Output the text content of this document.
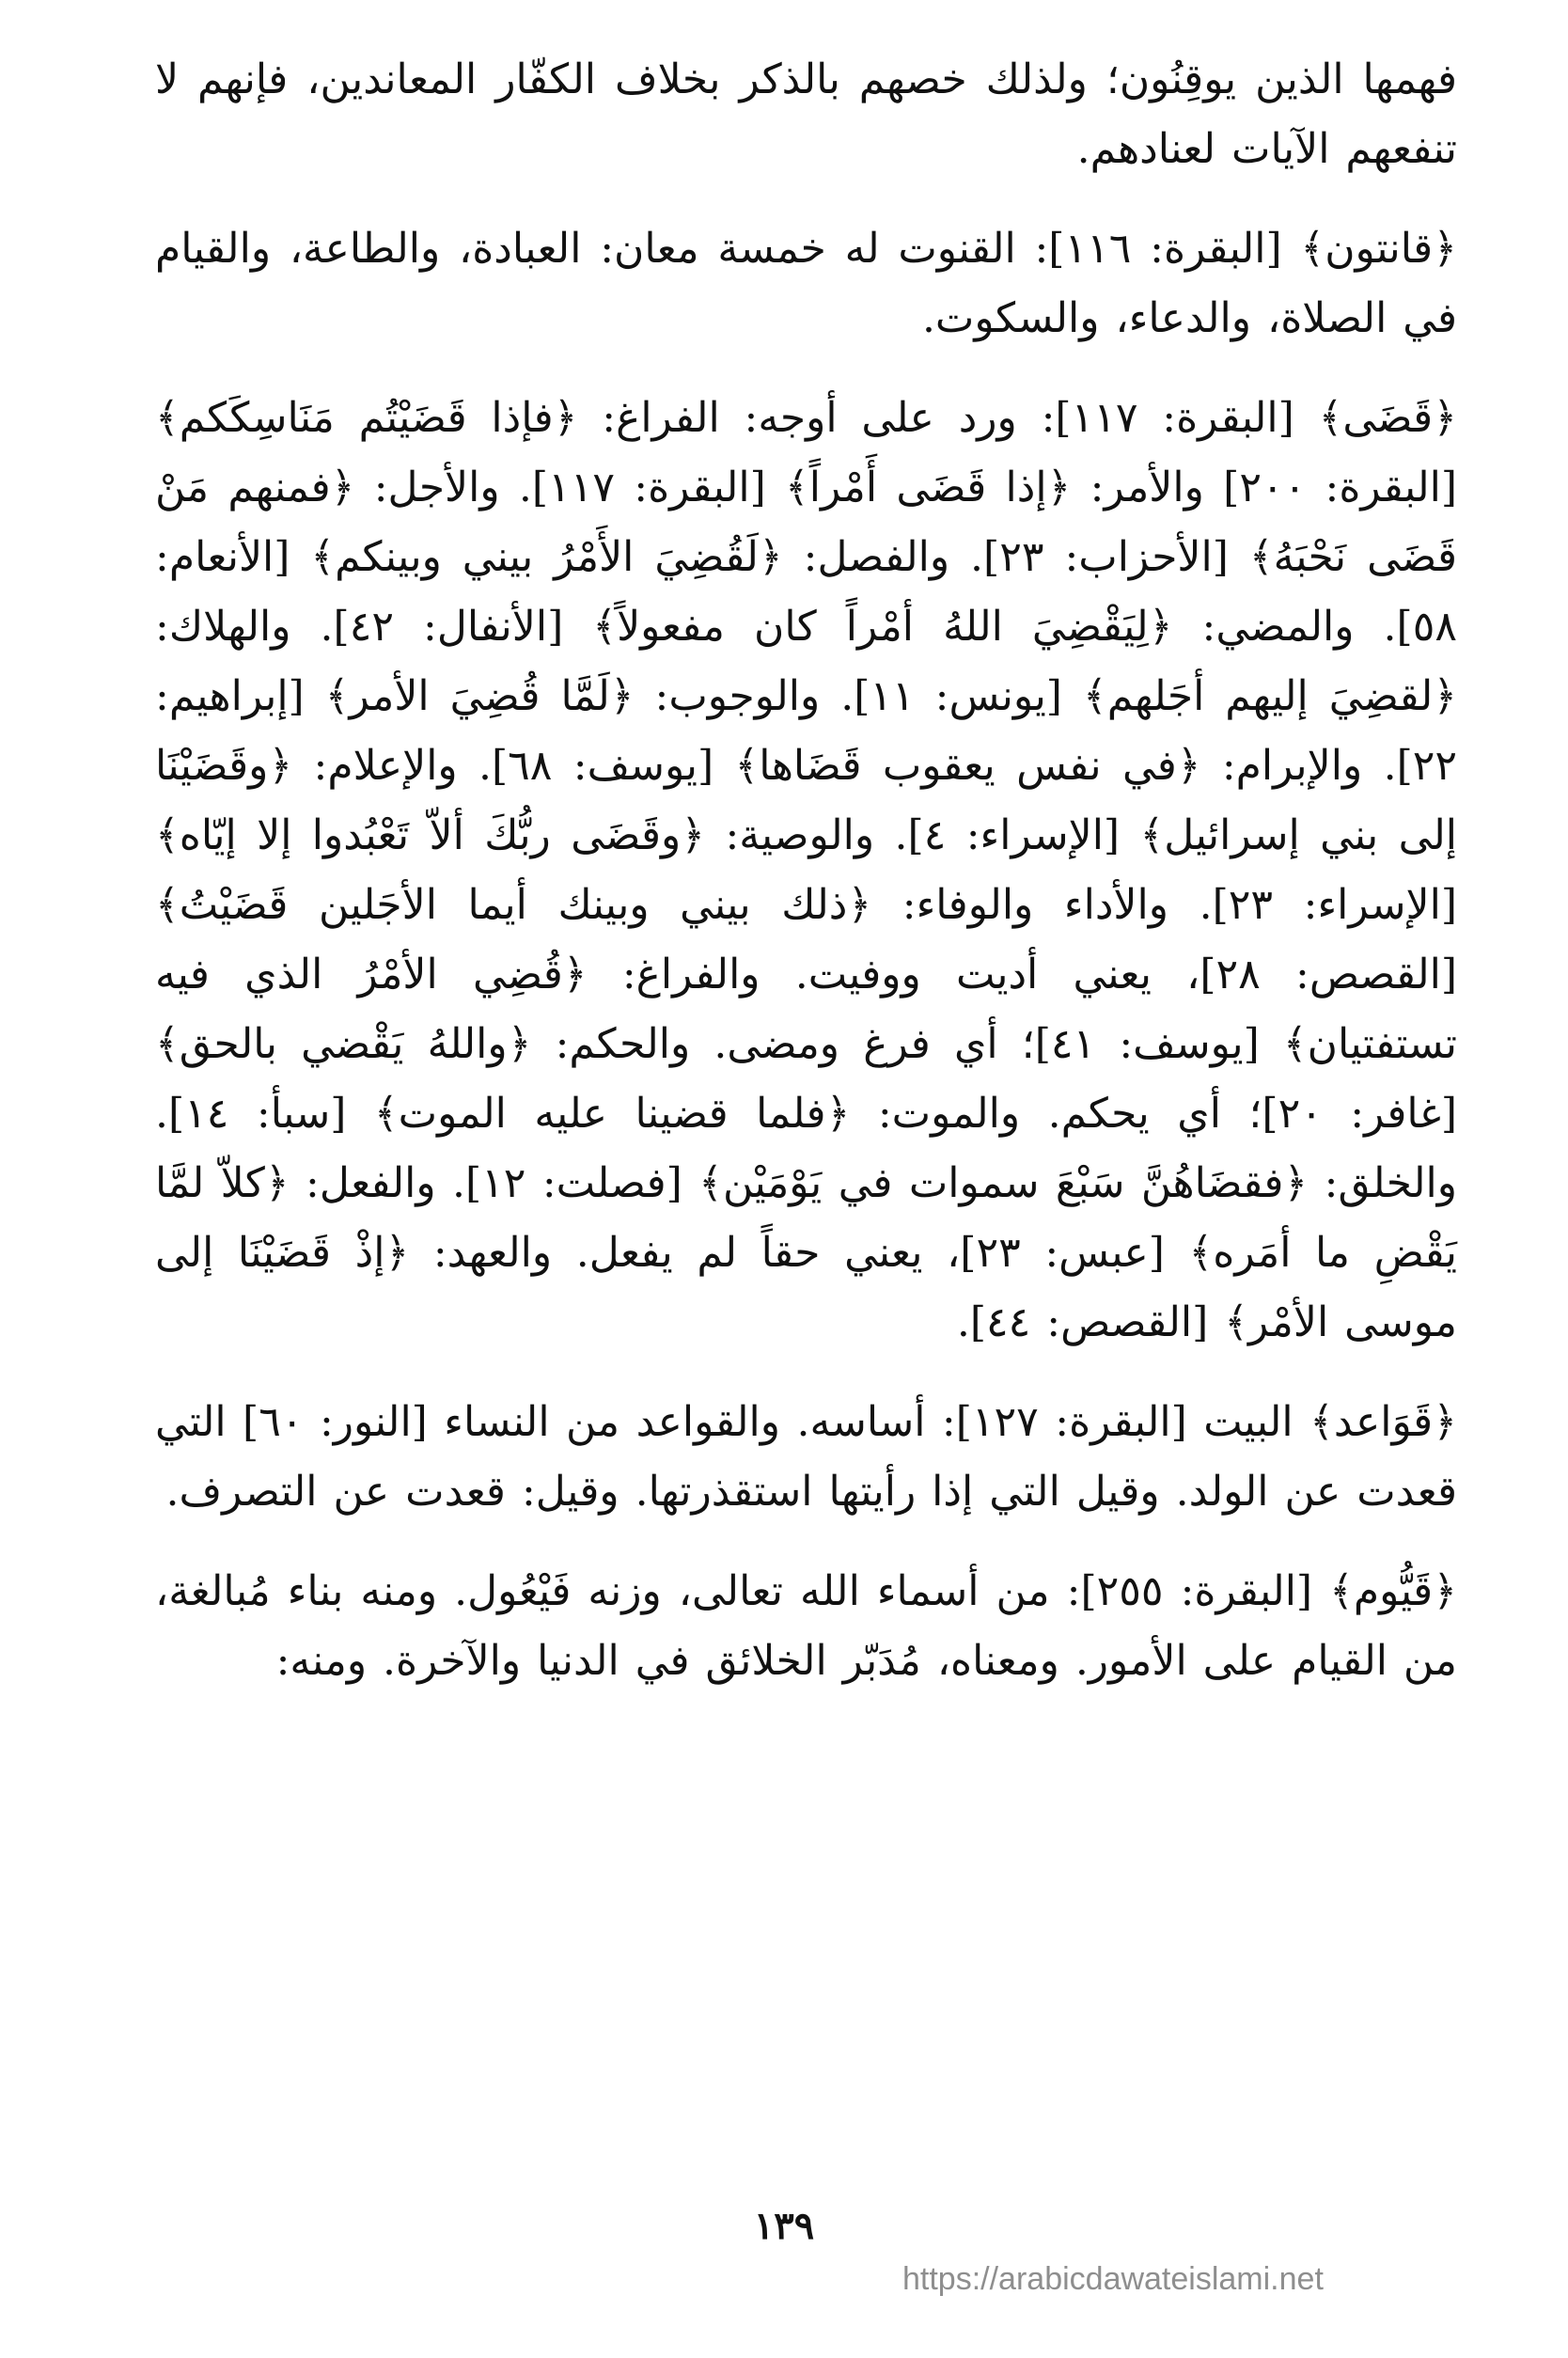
فهمها الذين يوقِنُون؛ ولذلك خصهم بالذكر بخلاف الكفّار المعاندين، فإنهم لا تنفعهم الآيات لعنادهم.

﴿قانتون﴾ [البقرة: ١١٦]: القنوت له خمسة معان: العبادة، والطاعة، والقيام في الصلاة، والدعاء، والسكوت.

﴿قَضَى﴾ [البقرة: ١١٧]: ورد على أوجه: الفراغ: ﴿فإذا قَضَيْتُم مَنَاسِكَكم﴾ [البقرة: ٢٠٠] والأمر: ﴿إذا قَضَى أَمْراً﴾ [البقرة: ١١٧]. والأجل: ﴿فمنهم مَنْ قَضَى نَحْبَهُ﴾ [الأحزاب: ٢٣]. والفصل: ﴿لَقُضِيَ الأَمْرُ بيني وبينكم﴾ [الأنعام: ٥٨]. والمضي: ﴿لِيَقْضِيَ اللهُ أمْراً كان مفعولاً﴾ [الأنفال: ٤٢]. والهلاك: ﴿لقضِيَ إليهم أجَلهم﴾ [يونس: ١١]. والوجوب: ﴿لَمَّا قُضِيَ الأمر﴾ [إبراهيم: ٢٢]. والإبرام: ﴿في نفس يعقوب قَضَاها﴾ [يوسف: ٦٨]. والإعلام: ﴿وقَضَيْنَا إلى بني إسرائيل﴾ [الإسراء: ٤]. والوصية: ﴿وقَضَى ربُّكَ ألاّ تَعْبُدوا إلا إيّاه﴾ [الإسراء: ٢٣]. والأداء والوفاء: ﴿ذلك بيني وبينك أيما الأجَلين قَضَيْتُ﴾ [القصص: ٢٨]، يعني أديت ووفيت. والفراغ: ﴿قُضِي الأمْرُ الذي فيه تستفتيان﴾ [يوسف: ٤١]؛ أي فرغ ومضى. والحكم: ﴿واللهُ يَقْضي بالحق﴾ [غافر: ٢٠]؛ أي يحكم. والموت: ﴿فلما قضينا عليه الموت﴾ [سبأ: ١٤]. والخلق: ﴿فقضَاهُنَّ سَبْعَ سموات في يَوْمَيْن﴾ [فصلت: ١٢]. والفعل: ﴿كلاّ لمَّا يَقْضِ ما أمَره﴾ [عبس: ٢٣]، يعني حقاً لم يفعل. والعهد: ﴿إذْ قَضَيْنَا إلى موسى الأمْر﴾ [القصص: ٤٤].

﴿قَوَاعد﴾ البيت [البقرة: ١٢٧]: أساسه. والقواعد من النساء [النور: ٦٠] التي قعدت عن الولد. وقيل التي إذا رأيتها استقذرتها. وقيل: قعدت عن التصرف.

﴿قَيُّوم﴾ [البقرة: ٢٥٥]: من أسماء الله تعالى، وزنه فَيْعُول. ومنه بناء مُبالغة، من القيام على الأمور. ومعناه، مُدَبّر الخلائق في الدنيا والآخرة. ومنه:

١٣٩
https://arabicdawateislami.net
